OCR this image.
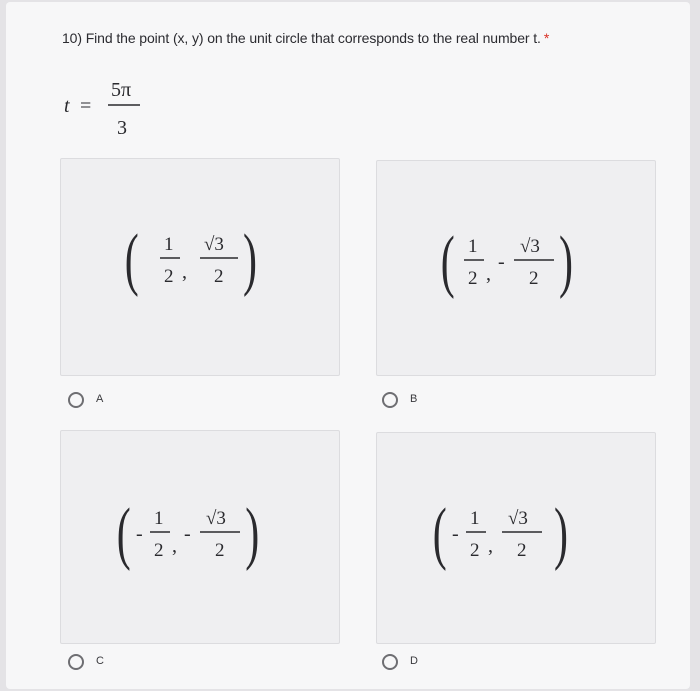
10) Find the point (x, y) on the unit circle that corresponds to the real number t. *
t =
5π
3
A	B
C	D
( 1
2 ,
√3
2 )	( 1
2 ,
-
√3
2 )
( -
1
2 ,
-
√3
2 ) ( -
1
2 ,
√3
2 )
